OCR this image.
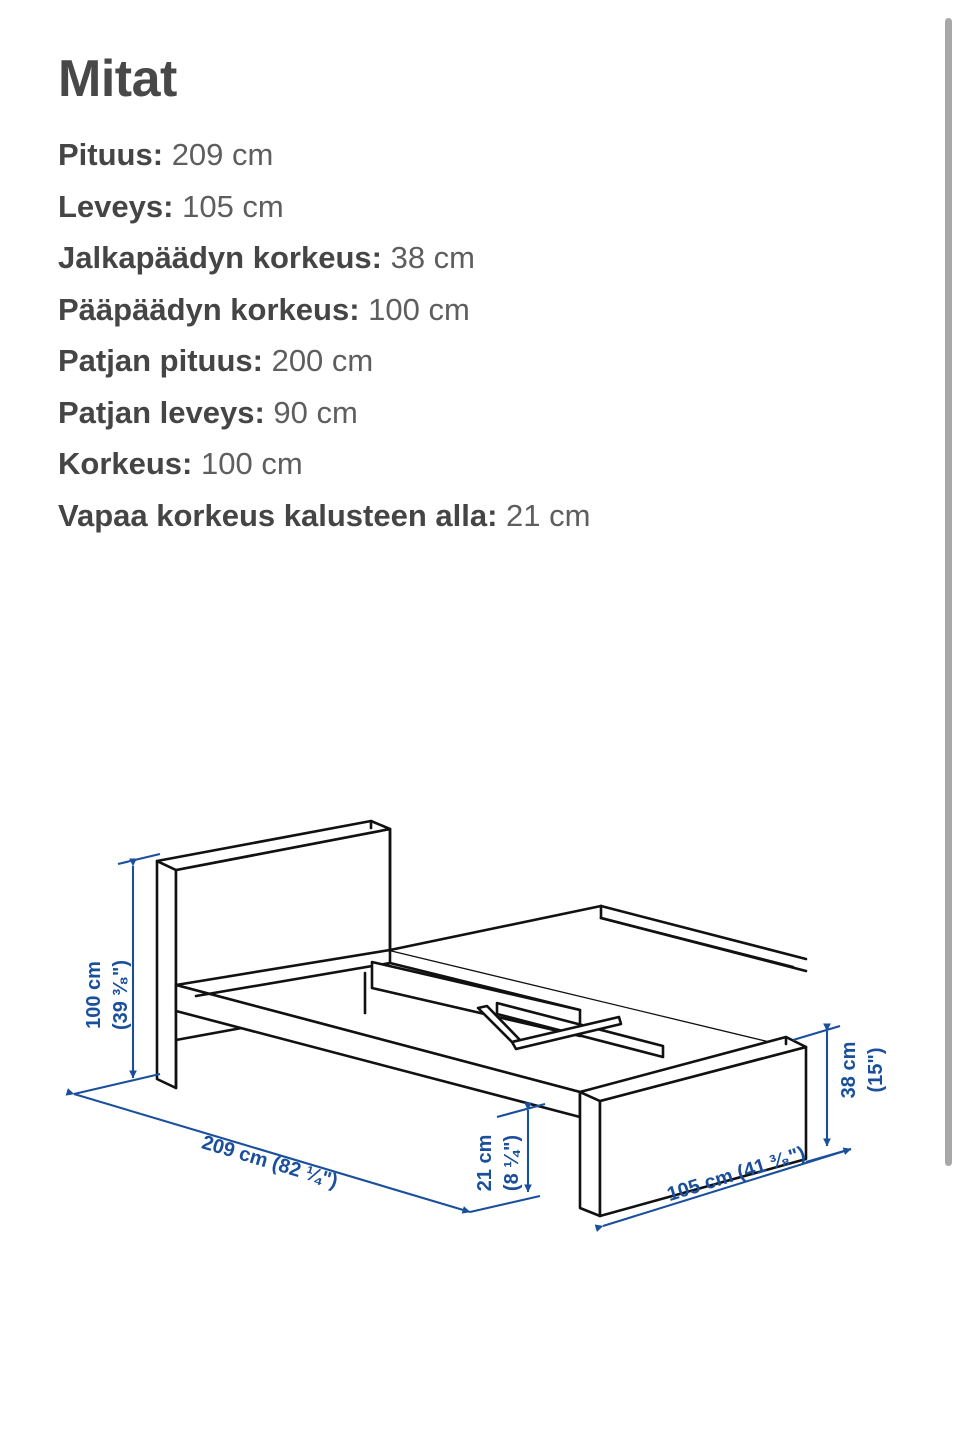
Mitat
Pituus: 209 cm
Leveys: 105 cm
Jalkapäädyn korkeus: 38 cm
Pääpäädyn korkeus: 100 cm
Patjan pituus: 200 cm
Patjan leveys: 90 cm
Korkeus: 100 cm
Vapaa korkeus kalusteen alla: 21 cm
100 cm (39 ³⁄₈")
209 cm (82 ¼")	21 cm (8 ¼")
38 cm (15")
105 cm (41 ³⁄₈")
